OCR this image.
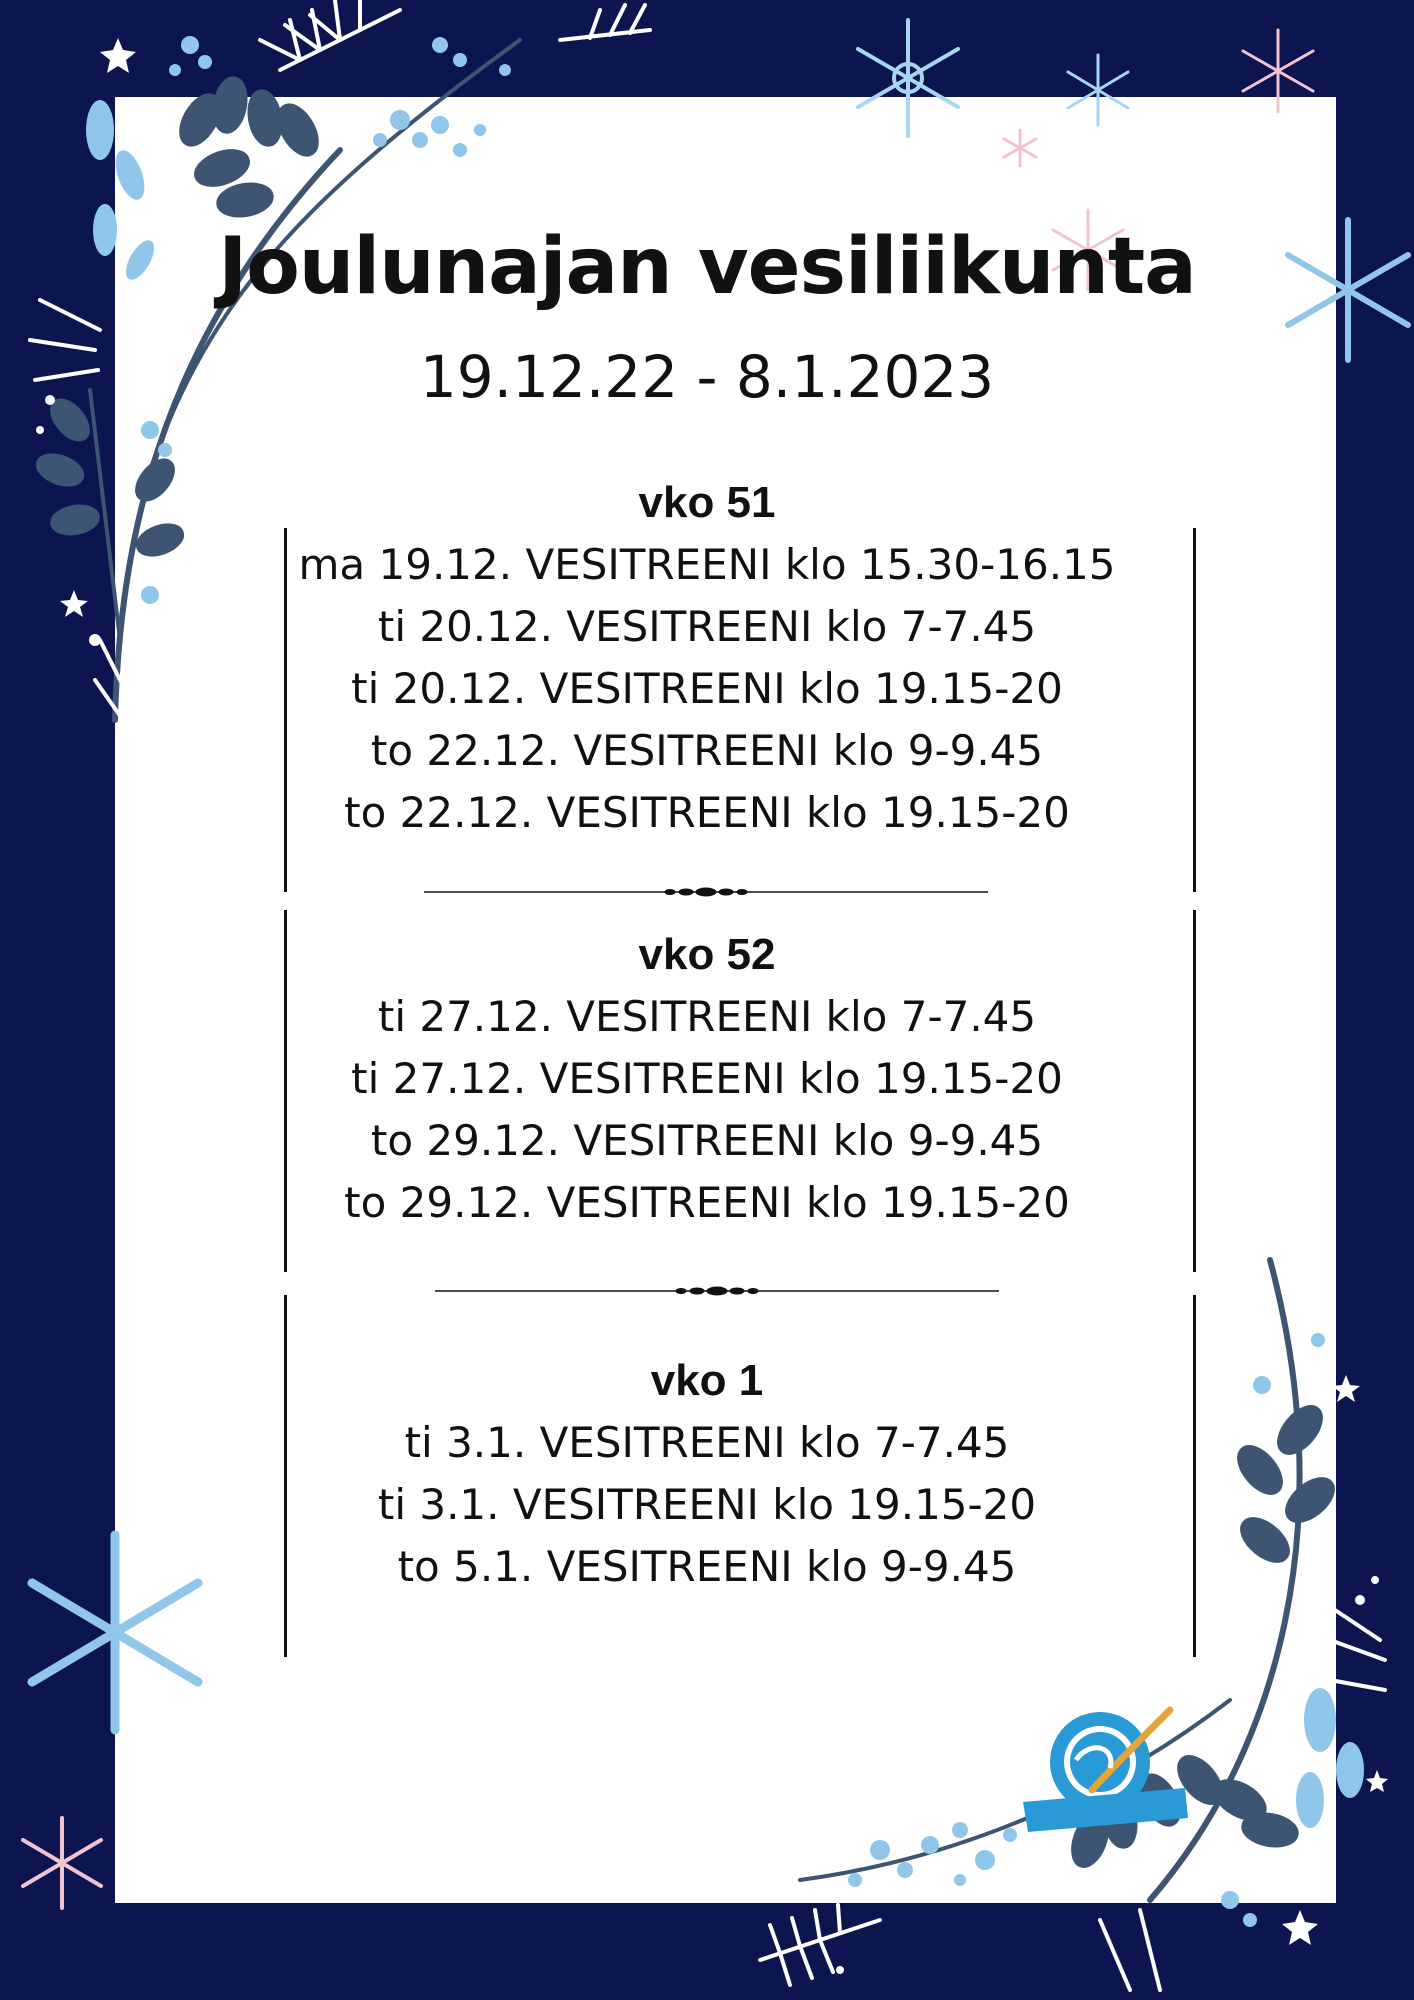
Joulunajan vesiliikunta
19.12.22 - 8.1.2023
vko 51
ma 19.12. VESITREENI klo 15.30-16.15
ti 20.12. VESITREENI klo 7-7.45
ti 20.12. VESITREENI klo 19.15-20
to 22.12. VESITREENI klo 9-9.45
to 22.12. VESITREENI klo 19.15-20
vko 52
ti 27.12. VESITREENI klo 7-7.45
ti 27.12. VESITREENI klo 19.15-20
to 29.12. VESITREENI klo 9-9.45
to 29.12. VESITREENI klo 19.15-20
vko 1
ti 3.1. VESITREENI klo 7-7.45
ti 3.1. VESITREENI klo 19.15-20
to 5.1. VESITREENI klo 9-9.45
